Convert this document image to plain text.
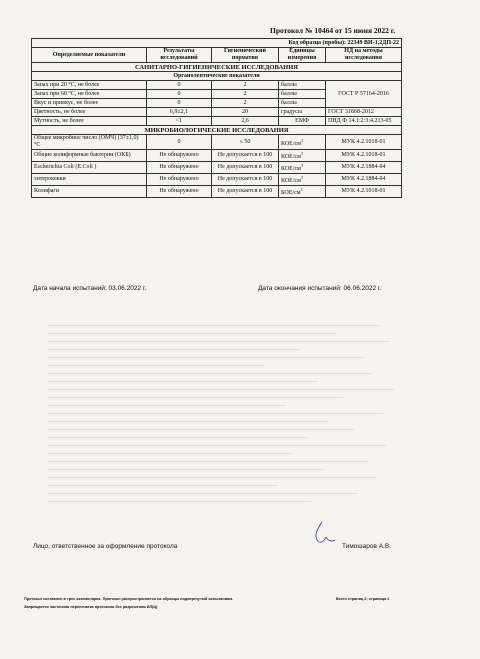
Протокол № 10464 от 15 июня 2022 г.
Код образца (пробы): 22349 ВИ-1,2ДП-22				
Определяемые показатели	Результаты исследований	Гигиенический норматив	Единицы измерения	НД на методы исследования
САНИТАРНО-ГИГИЕНИЧЕСКИЕ ИССЛЕДОВАНИЯ				
Органолептические показатели				
Запах при 20 °С, не более	0	2	баллы	ГОСТ Р 57164-2016
Запах при 60 °С, не более	0	2	баллы	
Вкус и привкус, не более	0	2	баллы	
Цветность, не более	6,9±2,1	20	градусы	ГОСТ 31868-2012
Мутность, не более	<1	2,6	ЕМФ	ПНД Ф 14.1:2:3:4.213-05
МИКРОБИОЛОГИЧЕСКИЕ ИССЛЕДОВАНИЯ				
Общее микробное число (ОМЧ) (37±1,0) °С	0	≤ 50	КОЕ/$см^3$	МУК 4.2.1018-01
Общие колиформные бактерии (ОКБ)	Не обнаружено	Не допускается в 100	КОЕ/$см^3$	МУК 4.2.1018-01
Escherichia Coli (E.Coli )	Не обнаружено	Не допускается в 100	КОЕ/$см^3$	МУК 4.2.1884-04
энтерококки	Не обнаружено	Не допускается в 100	КОЕ/$см^3$	МУК 4.2.1884-04
Колифаги	Не обнаружено	Не допускается в 100	БОЕ/$см^3$	МУК 4.2.1018-01
Дата начала испытаний: 03.06.2022 г.	Дата окончания испытаний: 06.06.2022 г.
Лицо, ответственное за оформление протокола	Тимошаров А.В.
Протокол составлен в трех экземплярах. Протокол распространяется на образцы подвергнутый испытаниям.
Запрещается частичная перепечатка протокола без разрешения ИЛ(Ц)
Всего страниц 2; страница 2
